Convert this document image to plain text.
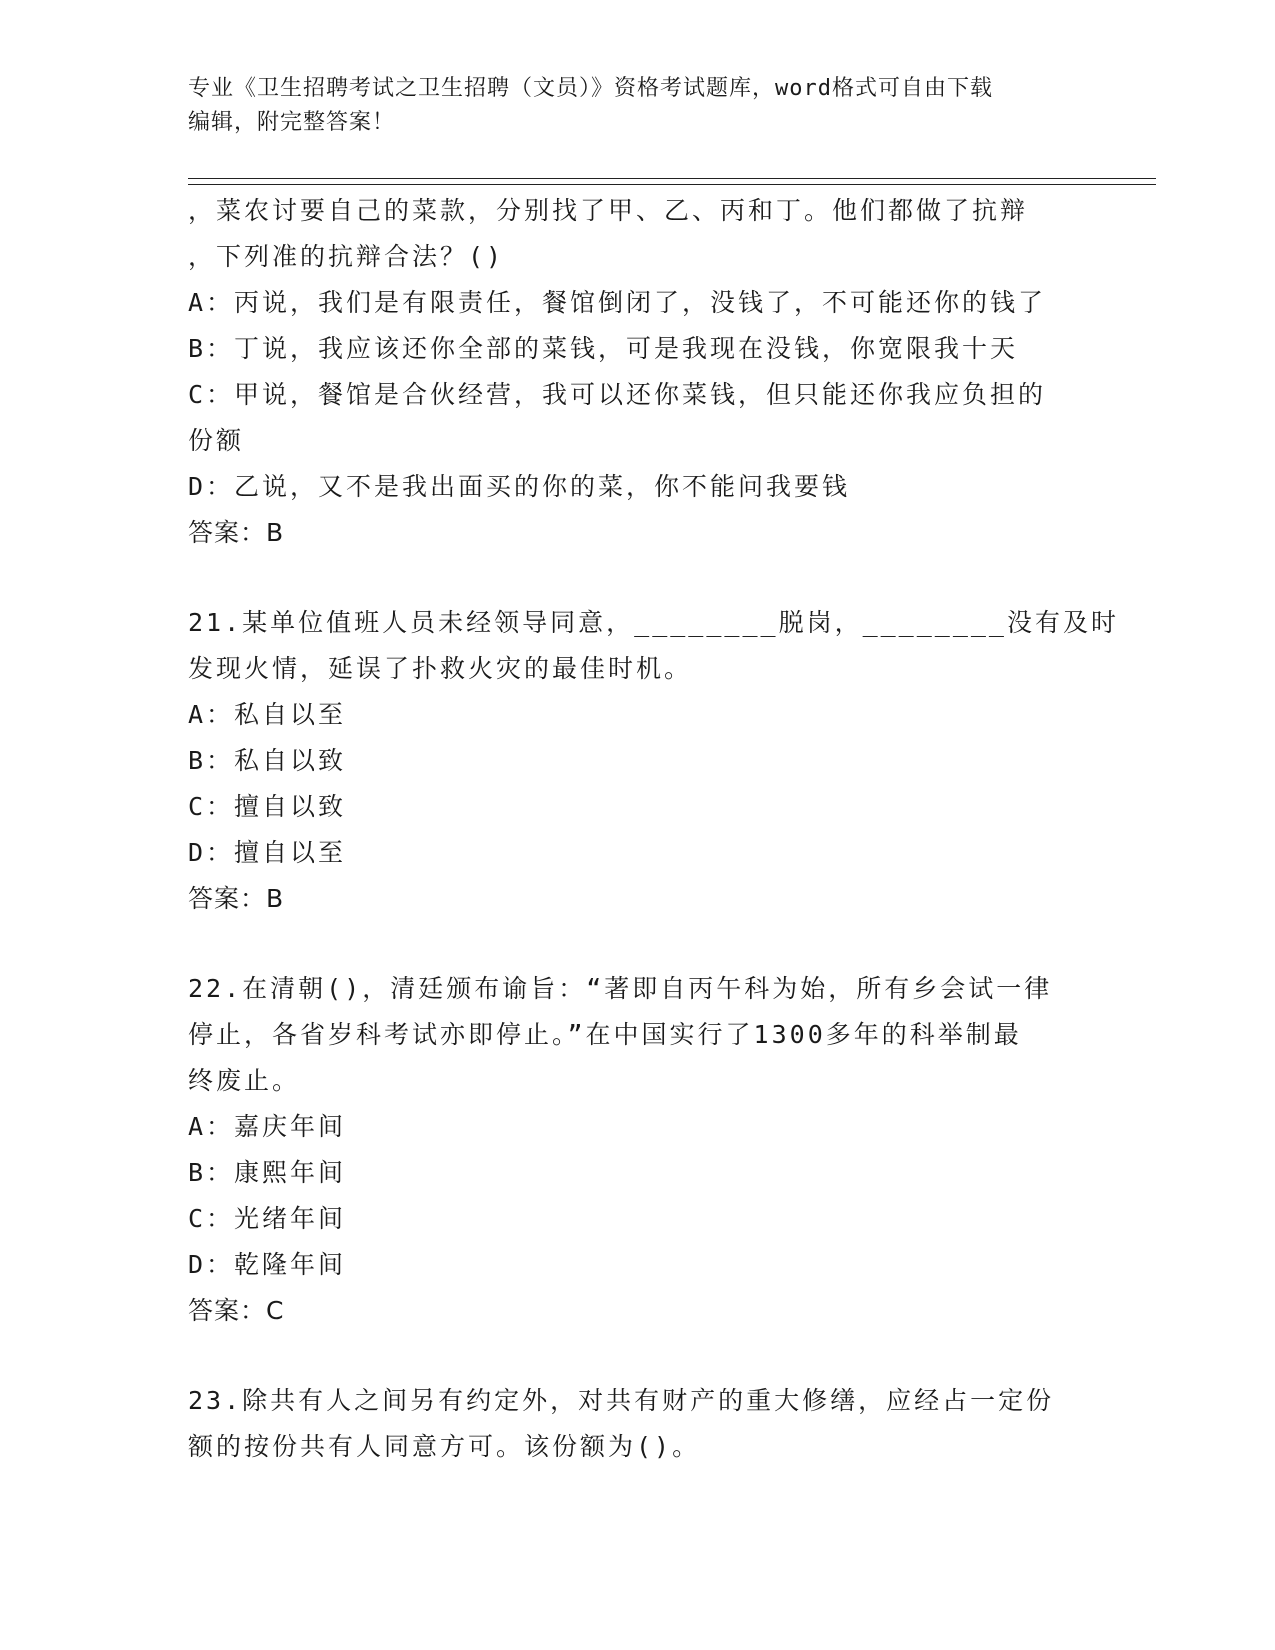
专业《卫生招聘考试之卫生招聘（文员）》资格考试题库，word格式可自由下载
编辑，附完整答案！
，菜农讨要自己的菜款，分别找了甲、乙、丙和丁。他们都做了抗辩
，下列准的抗辩合法？()
A：丙说，我们是有限责任，餐馆倒闭了，没钱了，不可能还你的钱了
B：丁说，我应该还你全部的菜钱，可是我现在没钱，你宽限我十天
C：甲说，餐馆是合伙经营，我可以还你菜钱，但只能还你我应负担的
份额
D：乙说，又不是我出面买的你的菜，你不能问我要钱
答案：B
21.某单位值班人员未经领导同意，________脱岗，________没有及时
发现火情，延误了扑救火灾的最佳时机。
A：私自以至
B：私自以致
C：擅自以致
D：擅自以至
答案：B
22.在清朝()，清廷颁布谕旨：“著即自丙午科为始，所有乡会试一律
停止，各省岁科考试亦即停止。”在中国实行了1300多年的科举制最
终废止。
A：嘉庆年间
B：康熙年间
C：光绪年间
D：乾隆年间
答案：C
23.除共有人之间另有约定外，对共有财产的重大修缮，应经占一定份
额的按份共有人同意方可。该份额为()。
